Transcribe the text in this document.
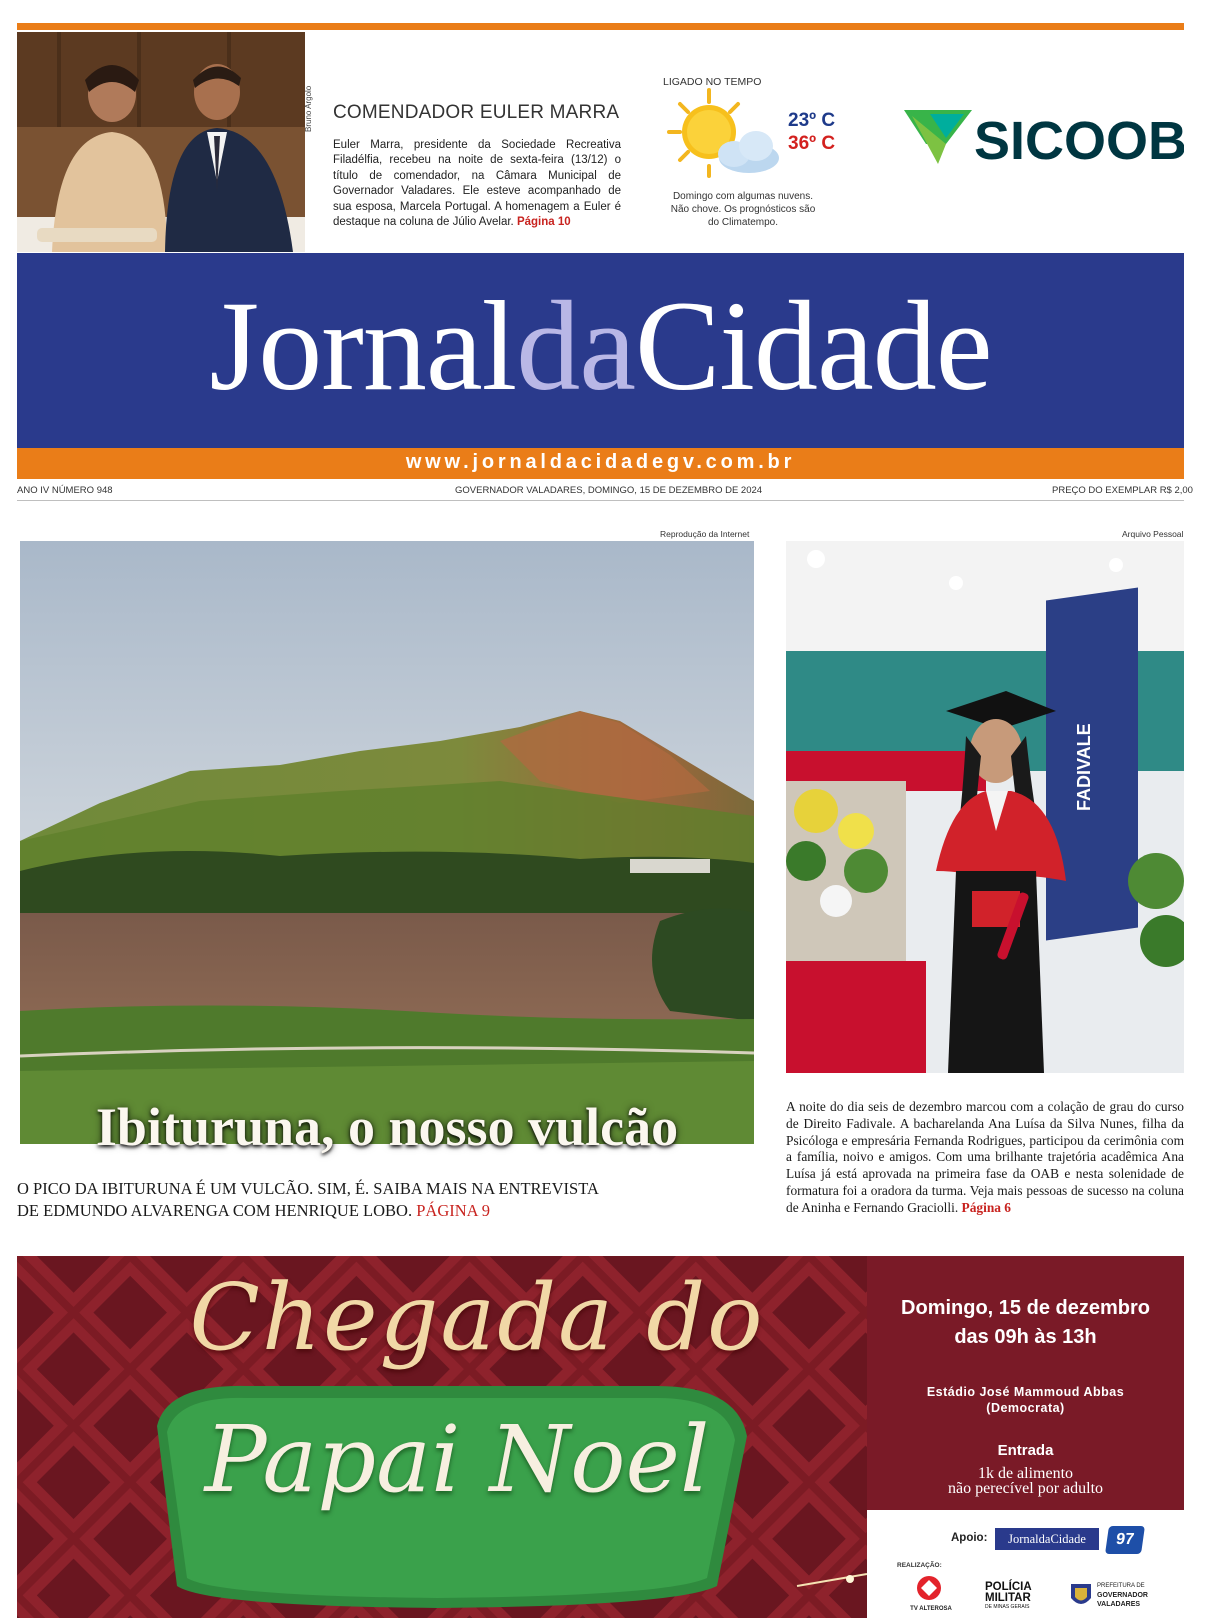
Bruno Argolo COMENDADOR EULER MARRA
Euler Marra, presidente da Sociedade Recreativa Filadélfia, recebeu na noite de sexta-feira (13/12) o título de comendador, na Câmara Municipal de Governador Valadares. Ele esteve acompanhado de sua esposa, Marcela Portugal. A homenagem a Euler é destaque na coluna de Júlio Avelar. Página 10
LIGADO NO TEMPO
23º C
36º C
Domingo com algumas nuvens. Não chove. Os prognósticos são do Climatempo.
SICOOB
JornaldaCidade
www.jornaldacidadegv.com.br
ANO IV NÚMERO 948	GOVERNADOR VALADARES, DOMINGO, 15 DE DEZEMBRO DE 2024	PREÇO DO EXEMPLAR R$ 2,00
Reprodução da Internet
Ibituruna, o nosso vulcão
O PICO DA IBITURUNA É UM VULCÃO. SIM, É. SAIBA MAIS NA ENTREVISTA
DE EDMUNDO ALVARENGA COM HENRIQUE LOBO. PÁGINA 9
Arquivo Pessoal
FADIVALE
A noite do dia seis de dezembro marcou com a colação de grau do curso de Direito Fadivale. A bacharelanda Ana Luísa da Silva Nunes, filha da Psicóloga e empresária Fernanda Rodrigues, participou da cerimônia com a família, noivo e amigos. Com uma brilhante trajetória acadêmica Ana Luísa já está aprovada na primeira fase da OAB e nesta solenidade de formatura foi a oradora da turma. Veja mais pessoas de sucesso na coluna de Aninha e Fernando Graciolli. Página 6
Chegada do
Papai Noel
Domingo, 15 de dezembro
das 09h às 13h
Estádio José Mammoud Abbas
(Democrata)
Entrada
1k de alimento
não perecível por adulto
Apoio:	JornaldaCidade	97
REALIZAÇÃO:
TV ALTEROSA
POLÍCIA
MILITAR
DE MINAS GERAIS
PREFEITURA DE
GOVERNADOR
VALADARES
